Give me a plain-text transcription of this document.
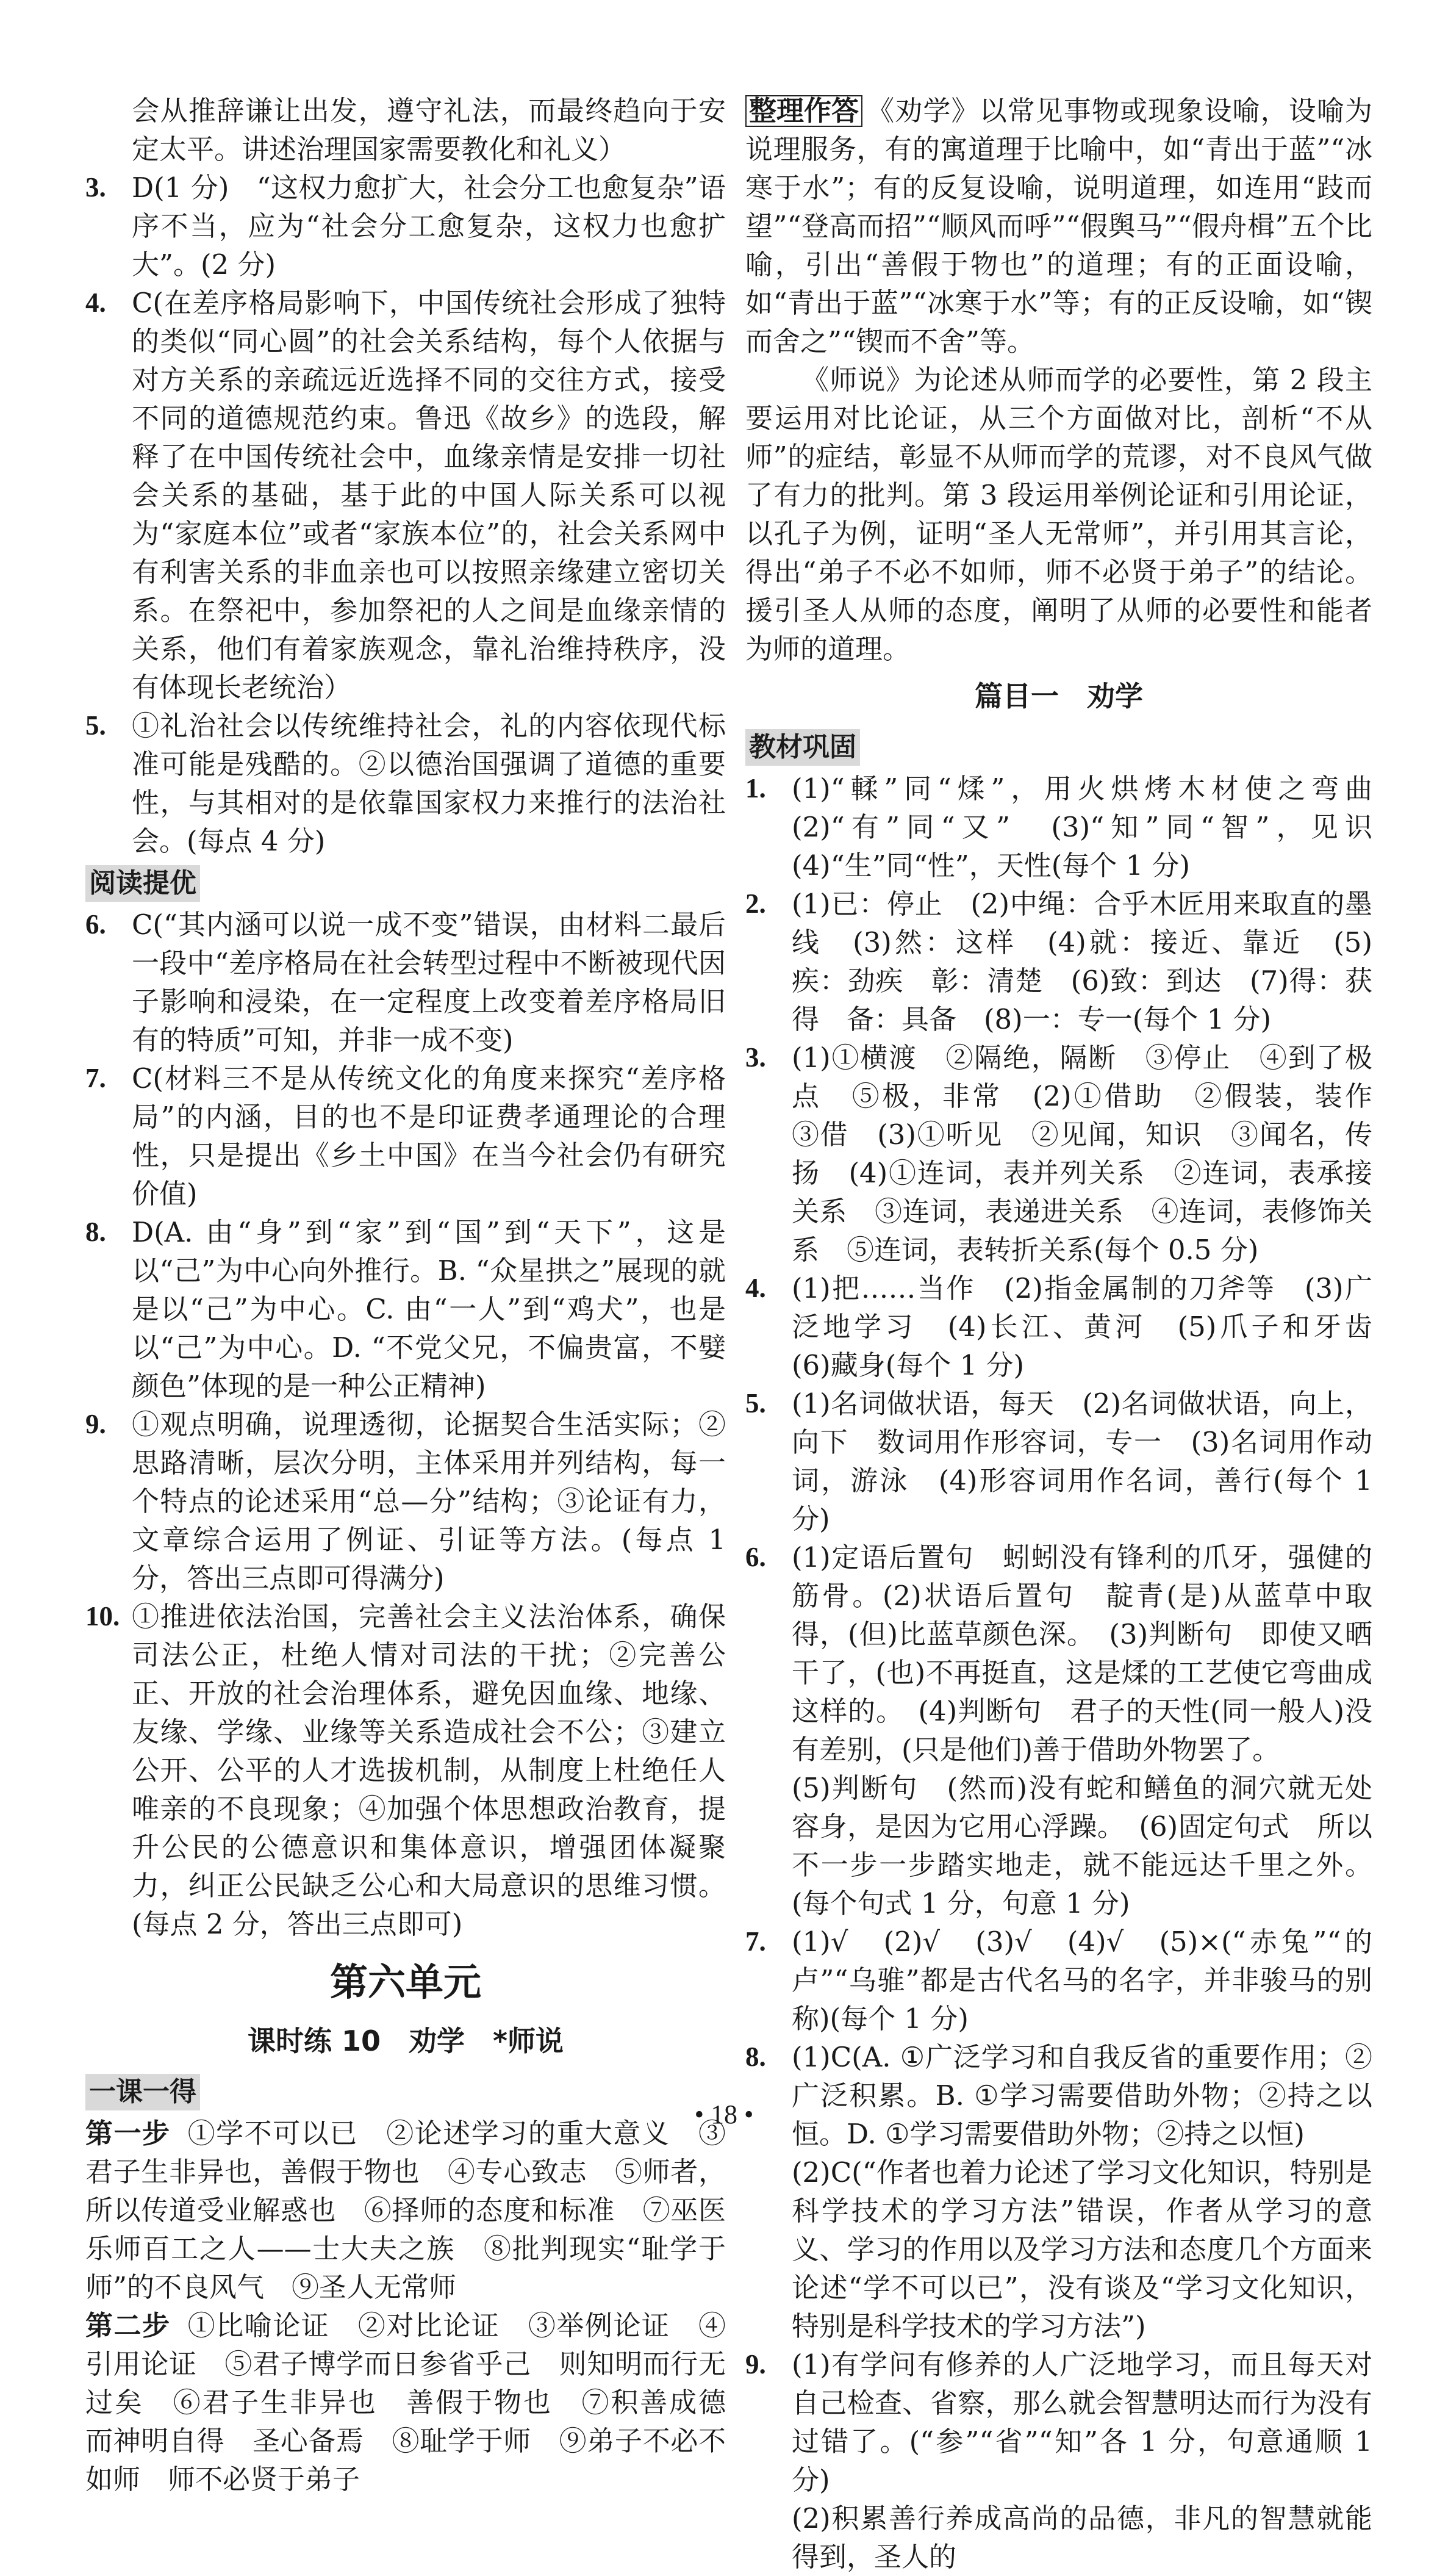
会从推辞谦让出发，遵守礼法，而最终趋向于安定太平。讲述治理国家需要教化和礼义）

3. D(1 分)　“这权力愈扩大，社会分工也愈复杂”语序不当，应为“社会分工愈复杂，这权力也愈扩大”。(2 分)
4. C(在差序格局影响下，中国传统社会形成了独特的类似“同心圆”的社会关系结构，每个人依据与对方关系的亲疏远近选择不同的交往方式，接受不同的道德规范约束。鲁迅《故乡》的选段，解释了在中国传统社会中，血缘亲情是安排一切社会关系的基础，基于此的中国人际关系可以视为“家庭本位”或者“家族本位”的，社会关系网中有利害关系的非血亲也可以按照亲缘建立密切关系。在祭祀中，参加祭祀的人之间是血缘亲情的关系，他们有着家族观念，靠礼治维持秩序，没有体现长老统治）
5. ①礼治社会以传统维持社会，礼的内容依现代标准可能是残酷的。②以德治国强调了道德的重要性，与其相对的是依靠国家权力来推行的法治社会。(每点 4 分)
阅读提优
6. C(“其内涵可以说一成不变”错误，由材料二最后一段中“差序格局在社会转型过程中不断被现代因子影响和浸染，在一定程度上改变着差序格局旧有的特质”可知，并非一成不变)
7. C(材料三不是从传统文化的角度来探究“差序格局”的内涵，目的也不是印证费孝通理论的合理性，只是提出《乡土中国》在当今社会仍有研究价值)
8. D(A. 由“身”到“家”到“国”到“天下”，这是以“己”为中心向外推行。B. “众星拱之”展现的就是以“己”为中心。C. 由“一人”到“鸡犬”，也是以“己”为中心。D. “不党父兄，不偏贵富，不嬖颜色”体现的是一种公正精神)
9. ①观点明确，说理透彻，论据契合生活实际；②思路清晰，层次分明，主体采用并列结构，每一个特点的论述采用“总—分”结构；③论证有力，文章综合运用了例证、引证等方法。(每点 1 分，答出三点即可得满分)
10. ①推进依法治国，完善社会主义法治体系，确保司法公正，杜绝人情对司法的干扰；②完善公正、开放的社会治理体系，避免因血缘、地缘、友缘、学缘、业缘等关系造成社会不公；③建立公开、公平的人才选拔机制，从制度上杜绝任人唯亲的不良现象；④加强个体思想政治教育，提升公民的公德意识和集体意识，增强团体凝聚力，纠正公民缺乏公心和大局意识的思维习惯。(每点 2 分，答出三点即可)
第六单元
课时练 10　劝学　*师说
一课一得

第一步 ①学不可以已　②论述学习的重大意义　③君子生非异也，善假于物也　④专心致志　⑤师者，所以传道受业解惑也　⑥择师的态度和标准　⑦巫医乐师百工之人——士大夫之族　⑧批判现实“耻学于师”的不良风气　⑨圣人无常师

第二步 ①比喻论证　②对比论证　③举例论证　④引用论证　⑤君子博学而日参省乎己　则知明而行无过矣　⑥君子生非异也　善假于物也　⑦积善成德　而神明自得　圣心备焉　⑧耻学于师　⑨弟子不必不如师　师不必贤于弟子

整理作答 《劝学》以常见事物或现象设喻，设喻为说理服务，有的寓道理于比喻中，如“青出于蓝”“冰寒于水”；有的反复设喻，说明道理，如连用“跂而望”“登高而招”“顺风而呼”“假舆马”“假舟楫”五个比喻，引出“善假于物也”的道理；有的正面设喻，如“青出于蓝”“冰寒于水”等；有的正反设喻，如“锲而舍之”“锲而不舍”等。

《师说》为论述从师而学的必要性，第 2 段主要运用对比论证，从三个方面做对比，剖析“不从师”的症结，彰显不从师而学的荒谬，对不良风气做了有力的批判。第 3 段运用举例论证和引用论证，以孔子为例，证明“圣人无常师”，并引用其言论，得出“弟子不必不如师，师不必贤于弟子”的结论。援引圣人从师的态度，阐明了从师的必要性和能者为师的道理。

篇目一　劝学
教材巩固
1. (1)“輮”同“煣”，用火烘烤木材使之弯曲　(2)“有”同“又”　(3)“知”同“智”，见识　(4)“生”同“性”，天性(每个 1 分)
2. (1)已：停止　(2)中绳：合乎木匠用来取直的墨线　(3)然：这样　(4)就：接近、靠近　(5)疾：劲疾　彰：清楚　(6)致：到达　(7)得：获得　备：具备　(8)一：专一(每个 1 分)
3. (1)①横渡　②隔绝，隔断　③停止　④到了极点　⑤极，非常　(2)①借助　②假装，装作　③借　(3)①听见　②见闻，知识　③闻名，传扬　(4)①连词，表并列关系　②连词，表承接关系　③连词，表递进关系　④连词，表修饰关系　⑤连词，表转折关系(每个 0.5 分)
4. (1)把……当作　(2)指金属制的刀斧等　(3)广泛地学习　(4)长江、黄河　(5)爪子和牙齿　(6)藏身(每个 1 分)
5. (1)名词做状语，每天　(2)名词做状语，向上，向下　数词用作形容词，专一　(3)名词用作动词，游泳　(4)形容词用作名词，善行(每个 1 分)
6. (1)定语后置句　蚓蚓没有锋利的爪牙，强健的筋骨。(2)状语后置句　靛青(是)从蓝草中取得，(但)比蓝草颜色深。　(3)判断句　即使又晒干了，(也)不再挺直，这是煣的工艺使它弯曲成这样的。　(4)判断句　君子的天性(同一般人)没有差别，(只是他们)善于借助外物罢了。
(5)判断句　(然而)没有蛇和鳝鱼的洞穴就无处容身，是因为它用心浮躁。　(6)固定句式　所以不一步一步踏实地走，就不能远达千里之外。(每个句式 1 分，句意 1 分)
7. (1)√　(2)√　(3)√　(4)√　(5)×(“赤兔”“的卢”“乌骓”都是古代名马的名字，并非骏马的别称)(每个 1 分)
8. (1)C(A. ①广泛学习和自我反省的重要作用；②广泛积累。B. ①学习需要借助外物；②持之以恒。D. ①学习需要借助外物；②持之以恒)
(2)C(“作者也着力论述了学习文化知识，特别是科学技术的学习方法”错误，作者从学习的意义、学习的作用以及学习方法和态度几个方面来论述“学不可以已”，没有谈及“学习文化知识，特别是科学技术的学习方法”)
9. (1)有学问有修养的人广泛地学习，而且每天对自己检查、省察，那么就会智慧明达而行为没有过错了。(“参”“省”“知”各 1 分，句意通顺 1 分)
(2)积累善行养成高尚的品德，非凡的智慧就能得到，圣人的
• 18 •
